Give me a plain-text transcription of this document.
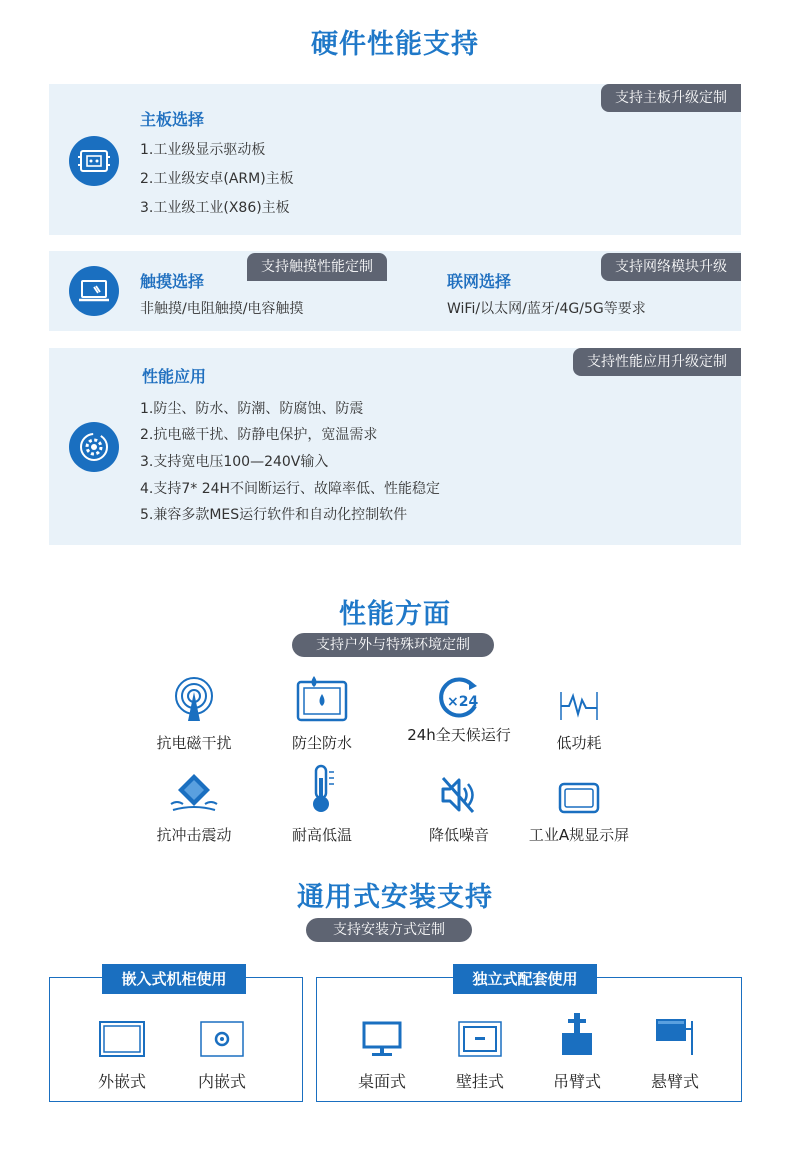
硬件性能支持
支持主板升级定制
主板选择
1.工业级显示驱动板
2.工业级安卓(ARM)主板
3.工业级工业(X86)主板
支持触摸性能定制	支持网络模块升级
触摸选择
非触摸/电阻触摸/电容触摸
联网选择
WiFi/以太网/蓝牙/4G/5G等要求
支持性能应用升级定制
性能应用
1.防尘、防水、防潮、防腐蚀、防震
2.抗电磁干扰、防静电保护，宽温需求
3.支持宽电压100—240V输入
4.支持7* 24H不间断运行、故障率低、性能稳定
5.兼容多款MES运行软件和自动化控制软件
性能方面
支持户外与特殊环境定制
抗电磁干扰	防尘防水
×24
24h全天候运行	低功耗
抗冲击震动	耐高低温	降低噪音	工业A规显示屏
通用式安装支持
支持安装方式定制
嵌入式机柜使用
外嵌式	内嵌式
独立式配套使用
桌面式	壁挂式	吊臂式	悬臂式
